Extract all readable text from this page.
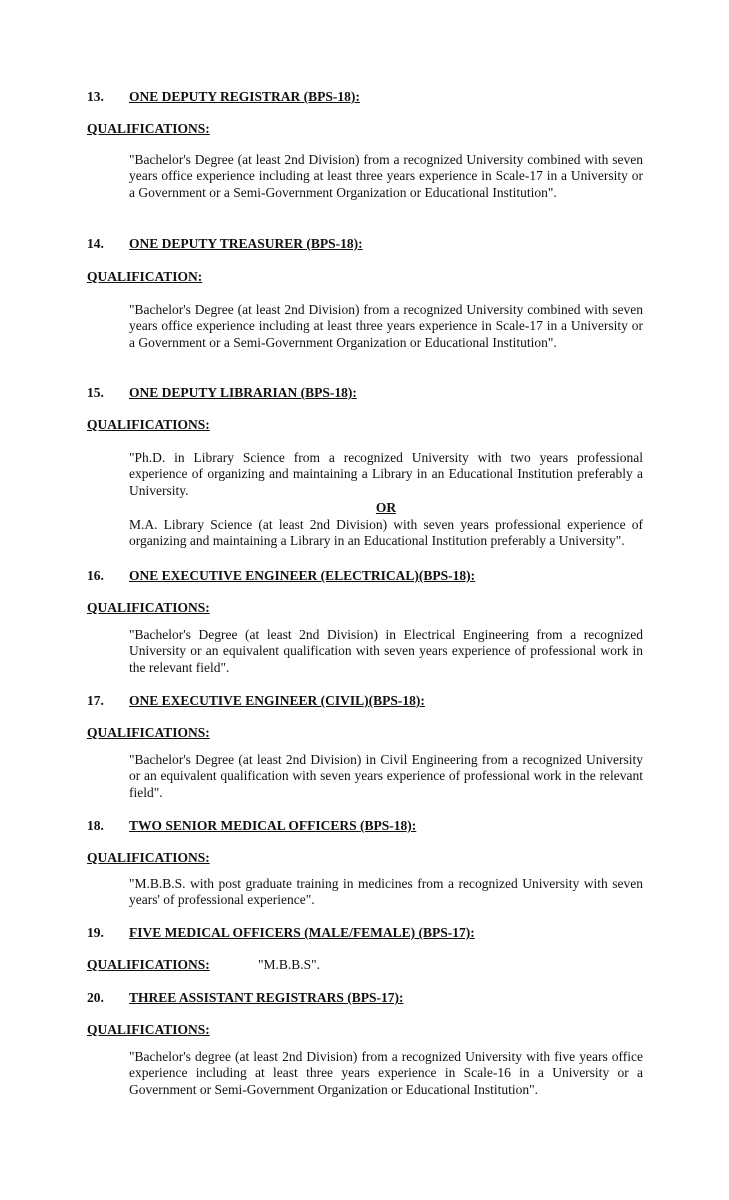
13. ONE DEPUTY REGISTRAR (BPS-18):
QUALIFICATIONS:

"Bachelor's Degree (at least 2nd Division) from a recognized University combined with seven years office experience including at least three years experience in Scale-17 in a University or a Government or a Semi-Government Organization or Educational Institution".

14. ONE DEPUTY TREASURER (BPS-18):
QUALIFICATION:

"Bachelor's Degree (at least 2nd Division) from a recognized University combined with seven years office experience including at least three years experience in Scale-17 in a University or a Government or a Semi-Government Organization or Educational Institution".

15. ONE DEPUTY LIBRARIAN (BPS-18):
QUALIFICATIONS:

"Ph.D. in Library Science from a recognized University with two years professional experience of organizing and maintaining a Library in an Educational Institution preferably a University.

OR

M.A. Library Science (at least 2nd Division) with seven years professional experience of organizing and maintaining a Library in an Educational Institution preferably a University".

16. ONE EXECUTIVE ENGINEER (ELECTRICAL)(BPS-18):
QUALIFICATIONS:

"Bachelor's Degree (at least 2nd Division) in Electrical Engineering from a recognized University or an equivalent qualification with seven years experience of professional work in the relevant field".

17. ONE EXECUTIVE ENGINEER (CIVIL)(BPS-18):
QUALIFICATIONS:

"Bachelor's Degree (at least 2nd Division) in Civil Engineering from a recognized University or an equivalent qualification with seven years experience of professional work in the relevant field".

18. TWO SENIOR MEDICAL OFFICERS (BPS-18):
QUALIFICATIONS:

"M.B.B.S. with post graduate training in medicines from a recognized University with seven years' of professional experience".

19. FIVE MEDICAL OFFICERS (MALE/FEMALE) (BPS-17):
QUALIFICATIONS:	"M.B.B.S".
20. THREE ASSISTANT REGISTRARS (BPS-17):
QUALIFICATIONS:

"Bachelor's degree (at least 2nd Division) from a recognized University with five years office experience including at least three years experience in Scale-16 in a University or a Government or Semi-Government Organization or Educational Institution".
